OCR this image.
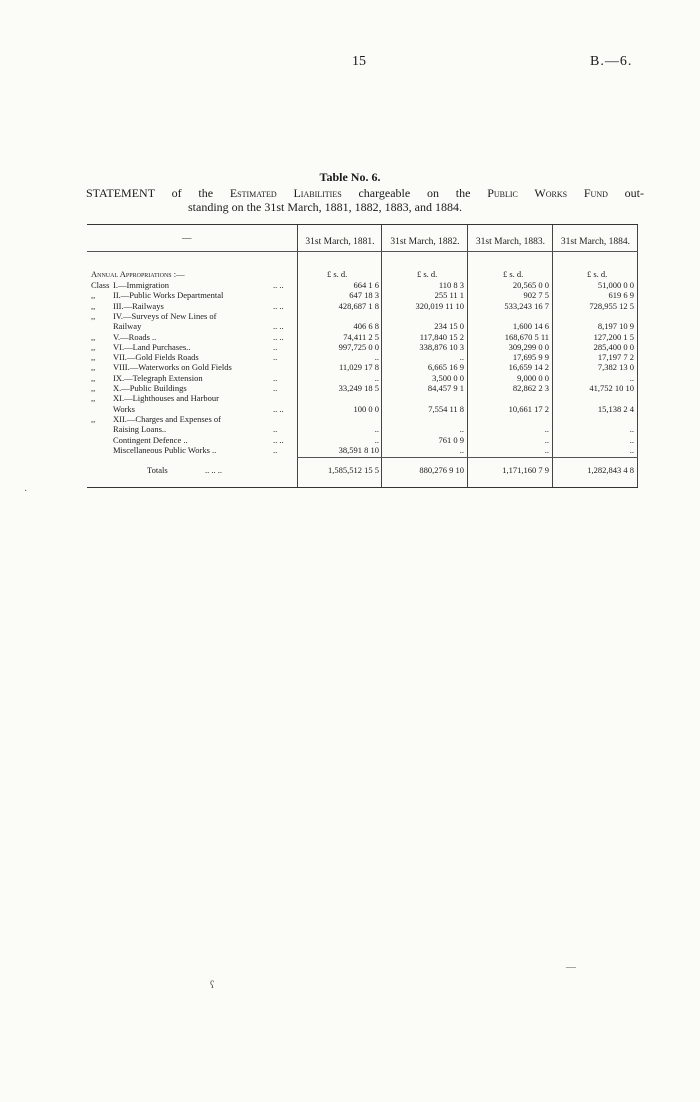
15	B.—6.
Table No. 6.
STATEMENT of the Estimated Liabilities chargeable on the Public Works Fund out-
standing on the 31st March, 1881, 1882, 1883, and 1884.
—	31st March, 1881.	31st March, 1882.	31st March, 1883.	31st March, 1884.
Annual Appropriations :—	£ s. d.	£ s. d.	£ s. d.	£ s. d.
Class I.—Immigration	.. ..	664 1 6	110 8 3	20,565 0 0	51,000 0 0
,,	II.—Public Works Departmental	647 18 3	255 11 1	902 7 5	619 6 9
,,	III.—Railways	.. ..	428,687 1 8	320,019 11 10	533,243 16 7	728,955 12 5
,,	IV.—Surveys of New Lines of
Railway	.. ..	406 6 8	234 15 0	1,600 14 6	8,197 10 9
,,	V.—Roads ..	.. ..	74,411 2 5	117,840 15 2	168,670 5 11	127,200 1 5
,,	VI.—Land Purchases..	..	997,725 0 0	338,876 10 3	309,299 0 0	285,400 0 0
,,	VII.—Gold Fields Roads	..	..	..	17,695 9 9	17,197 7 2
,,	VIII.—Waterworks on Gold Fields	11,029 17 8	6,665 16 9	16,659 14 2	7,382 13 0
,,	IX.—Telegraph Extension	..	..	3,500 0 0	9,000 0 0	..
,,	X.—Public Buildings	..	33,249 18 5	84,457 9 1	82,862 2 3	41,752 10 10
,,	XI.—Lighthouses and Harbour
Works	.. ..	100 0 0	7,554 11 8	10,661 17 2	15,138 2 4
,,	XII.—Charges and Expenses of
Raising Loans..	..	..	..	..	..
Contingent Defence ..	.. ..	..	761 0 9	..	..
Miscellaneous Public Works ..	..	38,591 8 10	..	..	..
Totals	.. .. ..	1,585,512 15 5	880,276 9 10	1,171,160 7 9	1,282,843 4 8
ʕ
—
·
